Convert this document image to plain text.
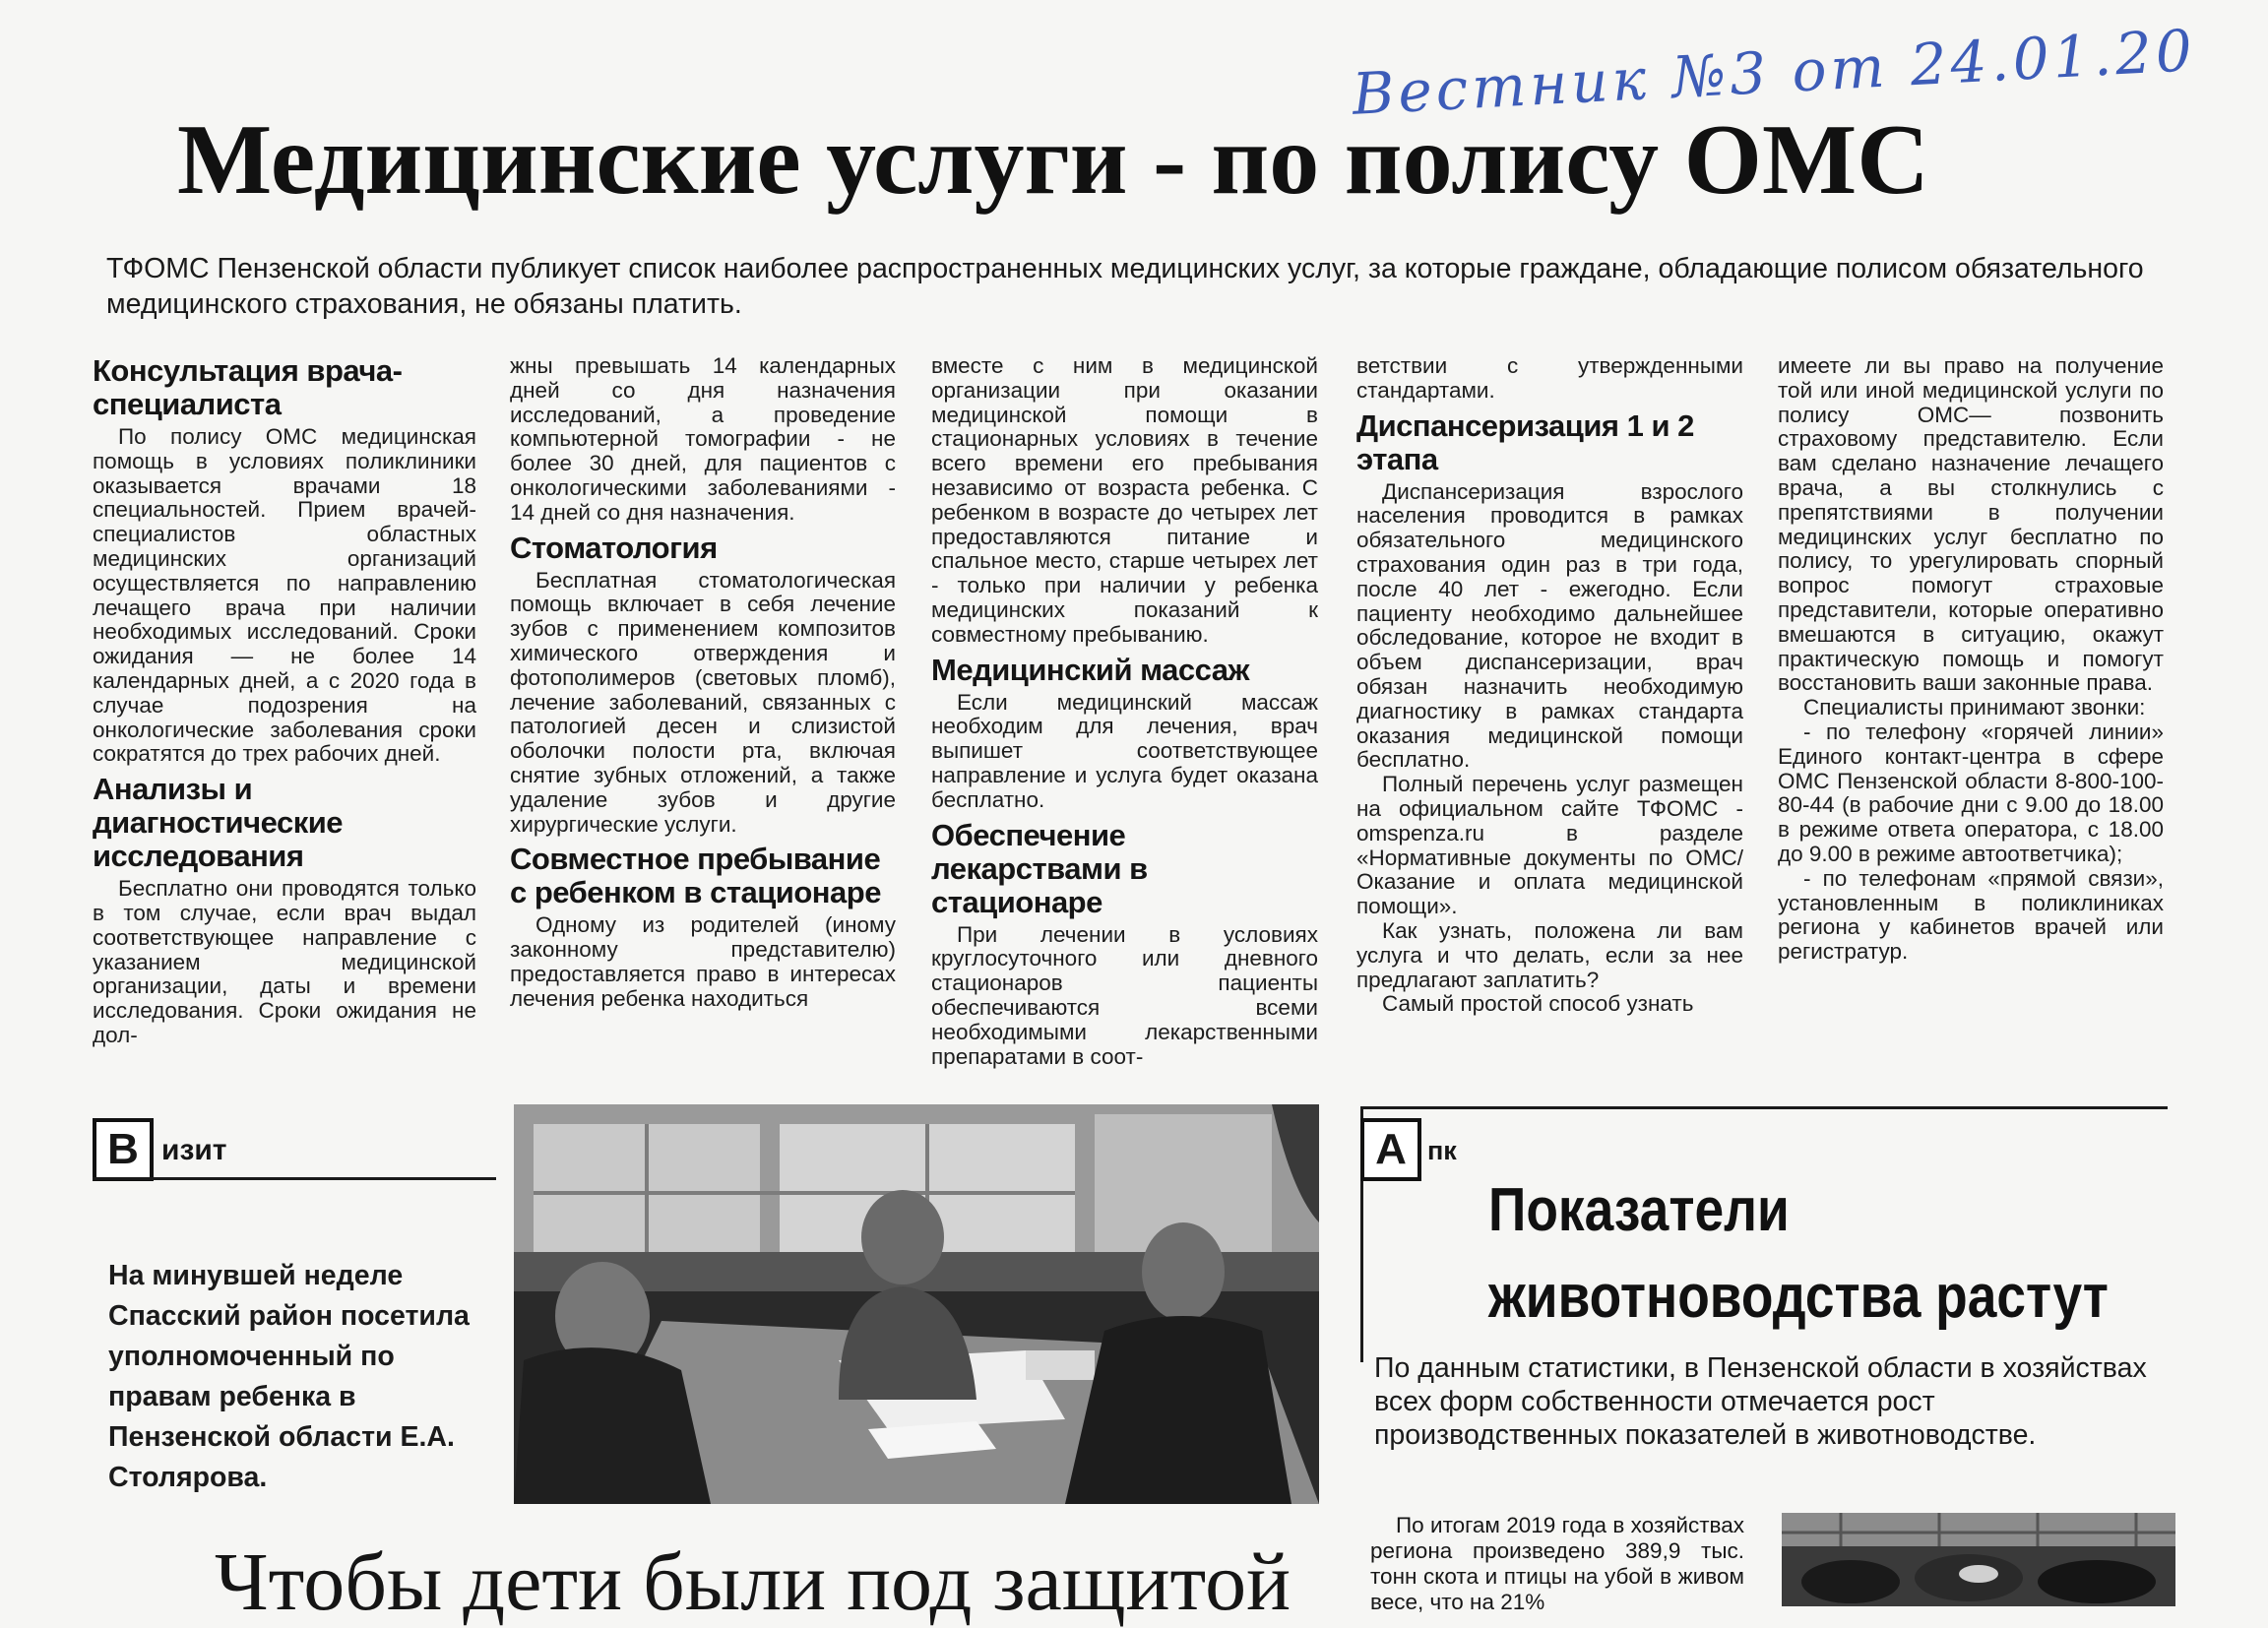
Вестник №3 от 24.01.20
Медицинские услуги - по полису ОМС
ТФОМС Пензенской области публикует список наиболее распространенных медицинских услуг, за которые граждане, обладающие полисом обязательного медицинского страхования, не обязаны платить.
Консультация врача-специалиста

По полису ОМС медицинская помощь в условиях поликлиники оказывается врачами 18 специальностей. Прием врачей-специалистов областных медицинских организаций осуществляется по направлению лечащего врача при наличии необходимых исследований. Сроки ожидания — не более 14 календарных дней, а с 2020 года в случае подозрения на онкологические заболевания сроки сократятся до трех рабочих дней.

Анализы и диагностические исследования

Бесплатно они проводятся только в том случае, если врач выдал соответствующее направление с указанием медицинской организации, даты и времени исследования. Сроки ожидания не дол-

жны превышать 14 календарных дней со дня назначения исследований, а проведение компьютерной томографии - не более 30 дней, для пациентов с онкологическими заболеваниями - 14 дней со дня назначения.

Стоматология

Бесплатная стоматологическая помощь включает в себя лечение зубов с применением композитов химического отверждения и фотополимеров (световых пломб), лечение заболеваний, связанных с патологией десен и слизистой оболочки полости рта, включая снятие зубных отложений, а также удаление зубов и другие хирургические услуги.

Совместное пребывание с ребенком в стационаре

Одному из родителей (иному законному представителю) предоставляется право в интересах лечения ребенка находиться

вместе с ним в медицинской организации при оказании медицинской помощи в стационарных условиях в течение всего времени его пребывания независимо от возраста ребенка. С ребенком в возрасте до четырех лет предоставляются питание и спальное место, старше четырех лет - только при наличии у ребенка медицинских показаний к совместному пребыванию.

Медицинский массаж

Если медицинский массаж необходим для лечения, врач выпишет соответствующее направление и услуга будет оказана бесплатно.

Обеспечение лекарствами в стационаре

При лечении в условиях круглосуточного или дневного стационаров пациенты обеспечиваются всеми необходимыми лекарственными препаратами в соот-

ветствии с утвержденными стандартами.

Диспансеризация 1 и 2 этапа

Диспансеризация взрослого населения проводится в рамках обязательного медицинского страхования один раз в три года, после 40 лет - ежегодно. Если пациенту необходимо дальнейшее обследование, которое не входит в объем диспансеризации, врач обязан назначить необходимую диагностику в рамках стандарта оказания медицинской помощи бесплатно.

Полный перечень услуг размещен на официальном сайте ТФОМС - omspenza.ru в разделе «Нормативные документы по ОМС/ Оказание и оплата медицинской помощи».

Как узнать, положена ли вам услуга и что делать, если за нее предлагают заплатить?

Самый простой способ узнать

имеете ли вы право на получение той или иной медицинской услуги по полису ОМС— позвонить страховому представителю. Если вам сделано назначение лечащего врача, а вы столкнулись с препятствиями в получении медицинских услуг бесплатно по полису, то урегулировать спорный вопрос помогут страховые представители, которые оперативно вмешаются в ситуацию, окажут практическую помощь и помогут восстановить ваши законные права.

Специалисты принимают звонки:

- по телефону «горячей линии» Единого контакт-центра в сфере ОМС Пензенской области 8-800-100-80-44 (в рабочие дни с 9.00 до 18.00 в режиме ответа оператора, с 18.00 до 9.00 в режиме автоответчика);

- по телефонам «прямой связи», установленным в поликлиниках региона у кабинетов врачей или регистратур.

В изит
На минувшей неделе Спасский район посетила уполномоченный по правам ребенка в Пензенской области Е.А. Столярова.
А пк
Показатели
животноводства растут
По данным статистики, в Пензенской области в хозяйствах всех форм собственности отмечается рост производственных показателей в животноводстве.

По итогам 2019 года в хозяйствах региона произведено 389,9 тыс. тонн скота и птицы на убой в живом весе, что на 21%

Чтобы дети были под защитой
